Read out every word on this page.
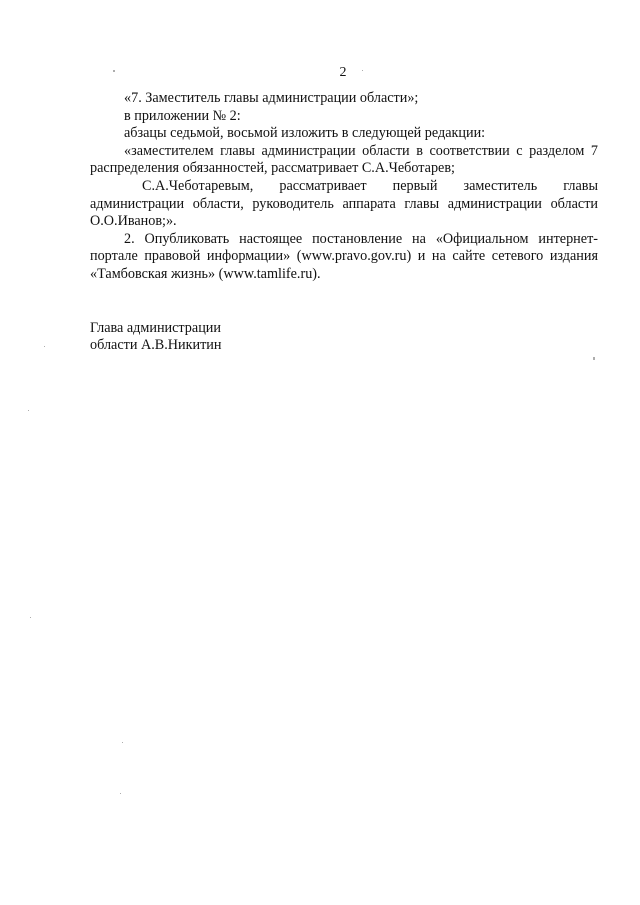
2

«7. Заместитель главы администрации области»;

в приложении № 2:

абзацы седьмой, восьмой изложить в следующей редакции:

«заместителем главы администрации области в соответствии с разделом 7 распределения обязанностей, рассматривает С.А.Чеботарев;

С.А.Чеботаревым, рассматривает первый заместитель главы администрации области, руководитель аппарата главы администрации области О.О.Иванов;».

2. Опубликовать настоящее постановление на «Официальном интернет-портале правовой информации» (www.pravo.gov.ru) и на сайте сетевого издания «Тамбовская жизнь» (www.tamlife.ru).

Глава администрации

области А.В.Никитин
